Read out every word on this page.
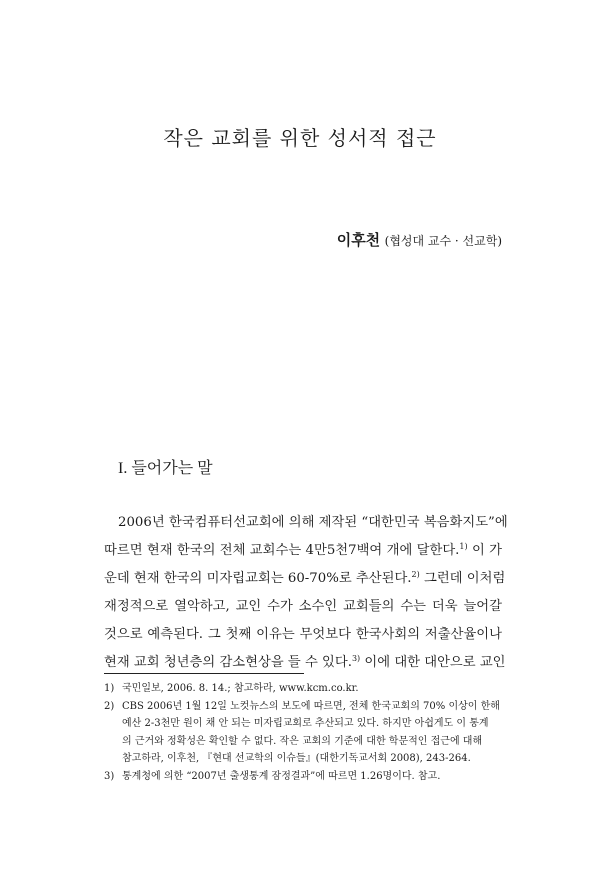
작은 교회를 위한 성서적 접근
이후천 (협성대 교수 · 선교학)
I. 들어가는 말
2006년 한국컴퓨터선교회에 의해 제작된 “대한민국 복음화지도”에
따르면 현재 한국의 전체 교회수는 4만5천7백여 개에 달한다.$^{1)}$ 이 가
운데 현재 한국의 미자립교회는 60-70%로 추산된다.$^{2)}$ 그런데 이처럼
재정적으로 열악하고, 교인 수가 소수인 교회들의 수는 더욱 늘어갈
것으로 예측된다. 그 첫째 이유는 무엇보다 한국사회의 저출산율이나
현재 교회 청년층의 감소현상을 들 수 있다.$^{3)}$ 이에 대한 대안으로 교인
1) 국민일보, 2006. 8. 14.; 참고하라, www.kcm.co.kr.
2) CBS 2006년 1월 12일 노컷뉴스의 보도에 따르면, 전체 한국교회의 70% 이상이 한해
예산 2-3천만 원이 채 안 되는 미자립교회로 추산되고 있다. 하지만 아쉽게도 이 통계
의 근거와 정확성은 확인할 수 없다. 작은 교회의 기준에 대한 학문적인 접근에 대해
참고하라, 이후천, 『현대 선교학의 이슈들』(대한기독교서회 2008), 243-264.
3) 통계청에 의한 “2007년 출생통계 잠정결과”에 따르면 1.26명이다. 참고.
